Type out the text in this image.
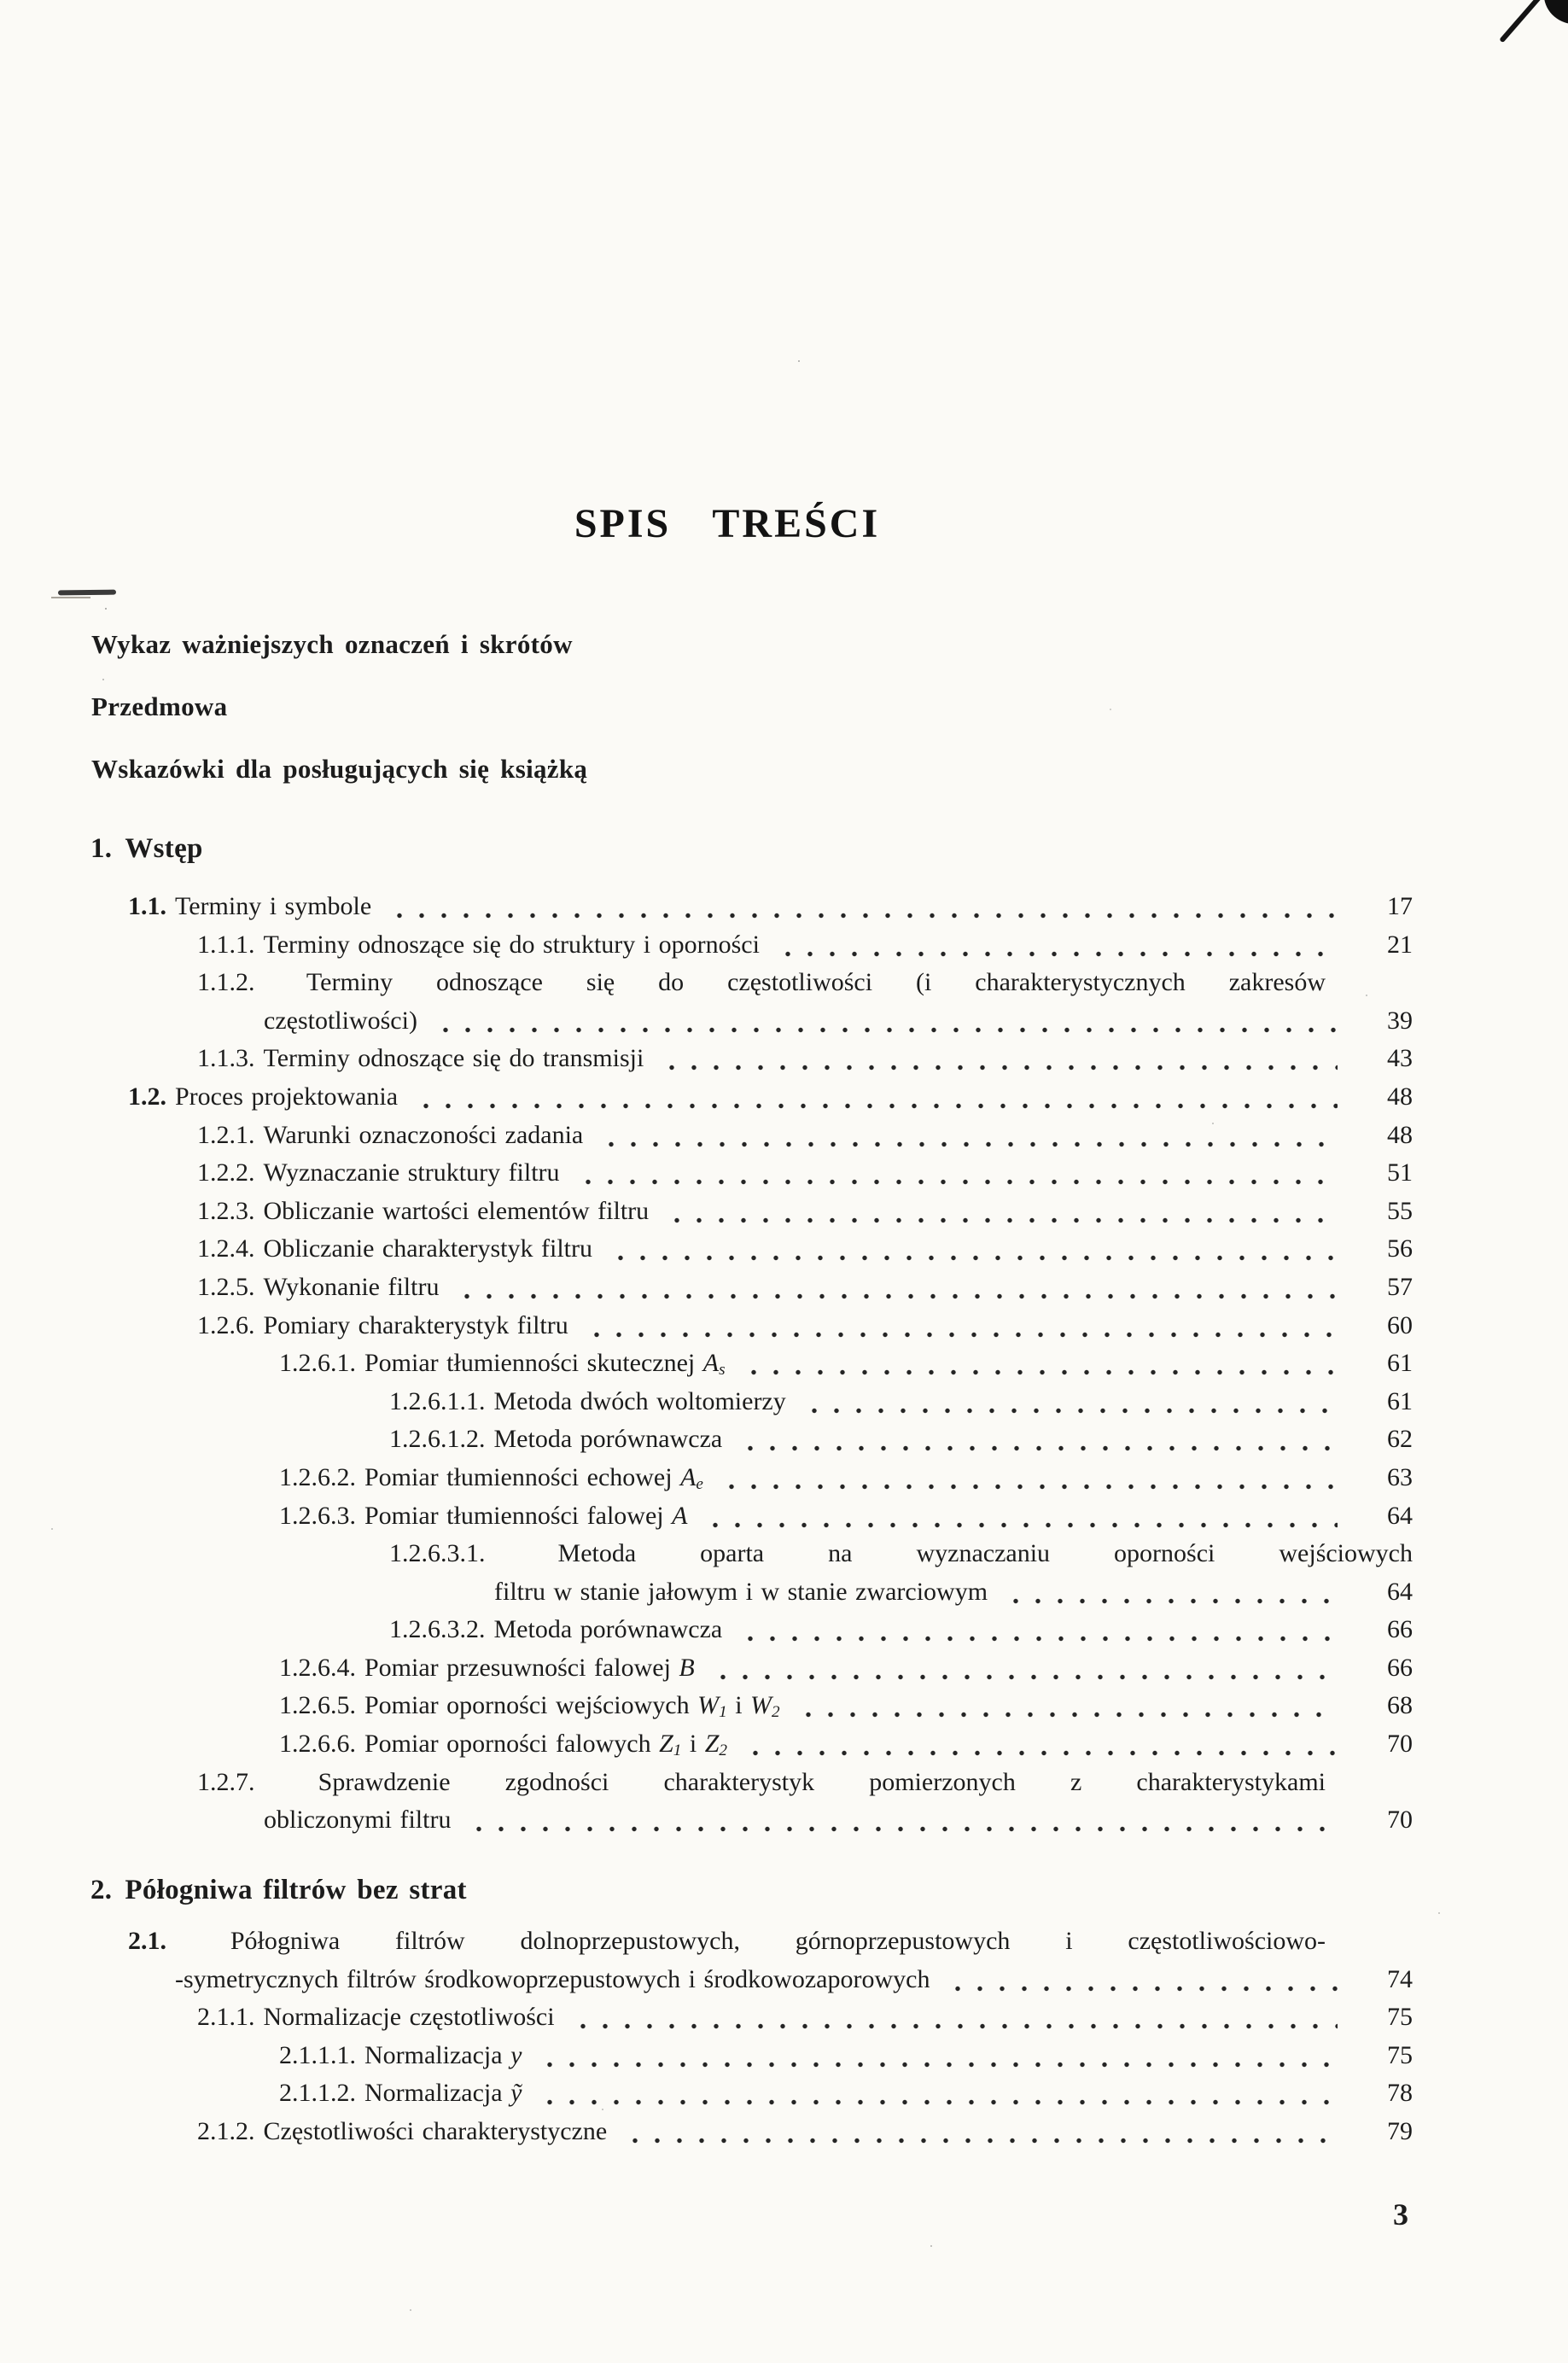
SPIS TREŚCI
Wykaz ważniejszych oznaczeń i skrótów
Przedmowa
Wskazówki dla posługujących się książką
1. Wstęp
1.1. Terminy i symbole	17
1.1.1. Terminy odnoszące się do struktury i oporności	21
1.1.2. Terminy odnoszące się do częstotliwości (i charakterystycznych zakresów
częstotliwości)	39
1.1.3. Terminy odnoszące się do transmisji	43
1.2. Proces projektowania	48
1.2.1. Warunki oznaczoności zadania	48
1.2.2. Wyznaczanie struktury filtru	51
1.2.3. Obliczanie wartości elementów filtru	55
1.2.4. Obliczanie charakterystyk filtru	56
1.2.5. Wykonanie filtru	57
1.2.6. Pomiary charakterystyk filtru	60
1.2.6.1. Pomiar tłumienności skutecznej $A_s$	61
1.2.6.1.1. Metoda dwóch woltomierzy	61
1.2.6.1.2. Metoda porównawcza	62
1.2.6.2. Pomiar tłumienności echowej $A_e$	63
1.2.6.3. Pomiar tłumienności falowej A	64
1.2.6.3.1.	Metoda oparta na wyznaczaniu oporności wejściowych
filtru w stanie jałowym i w stanie zwarciowym	64
1.2.6.3.2. Metoda porównawcza	66
1.2.6.4. Pomiar przesuwności falowej B	66
1.2.6.5. Pomiar oporności wejściowych $W_1$ i $W_2$	68
1.2.6.6. Pomiar oporności falowych $Z_1$ i $Z_2$	70
1.2.7. Sprawdzenie zgodności charakterystyk pomierzonych z charakterystykami
obliczonymi filtru	70
2. Półogniwa filtrów bez strat
2.1. Półogniwa filtrów dolnoprzepustowych, górnoprzepustowych i częstotliwościowo-
-symetrycznych filtrów środkowoprzepustowych i środkowozaporowych	74
2.1.1. Normalizacje częstotliwości	75
2.1.1.1. Normalizacja y	75
2.1.1.2. Normalizacja ỹ	78
2.1.2. Częstotliwości charakterystyczne	79
3
